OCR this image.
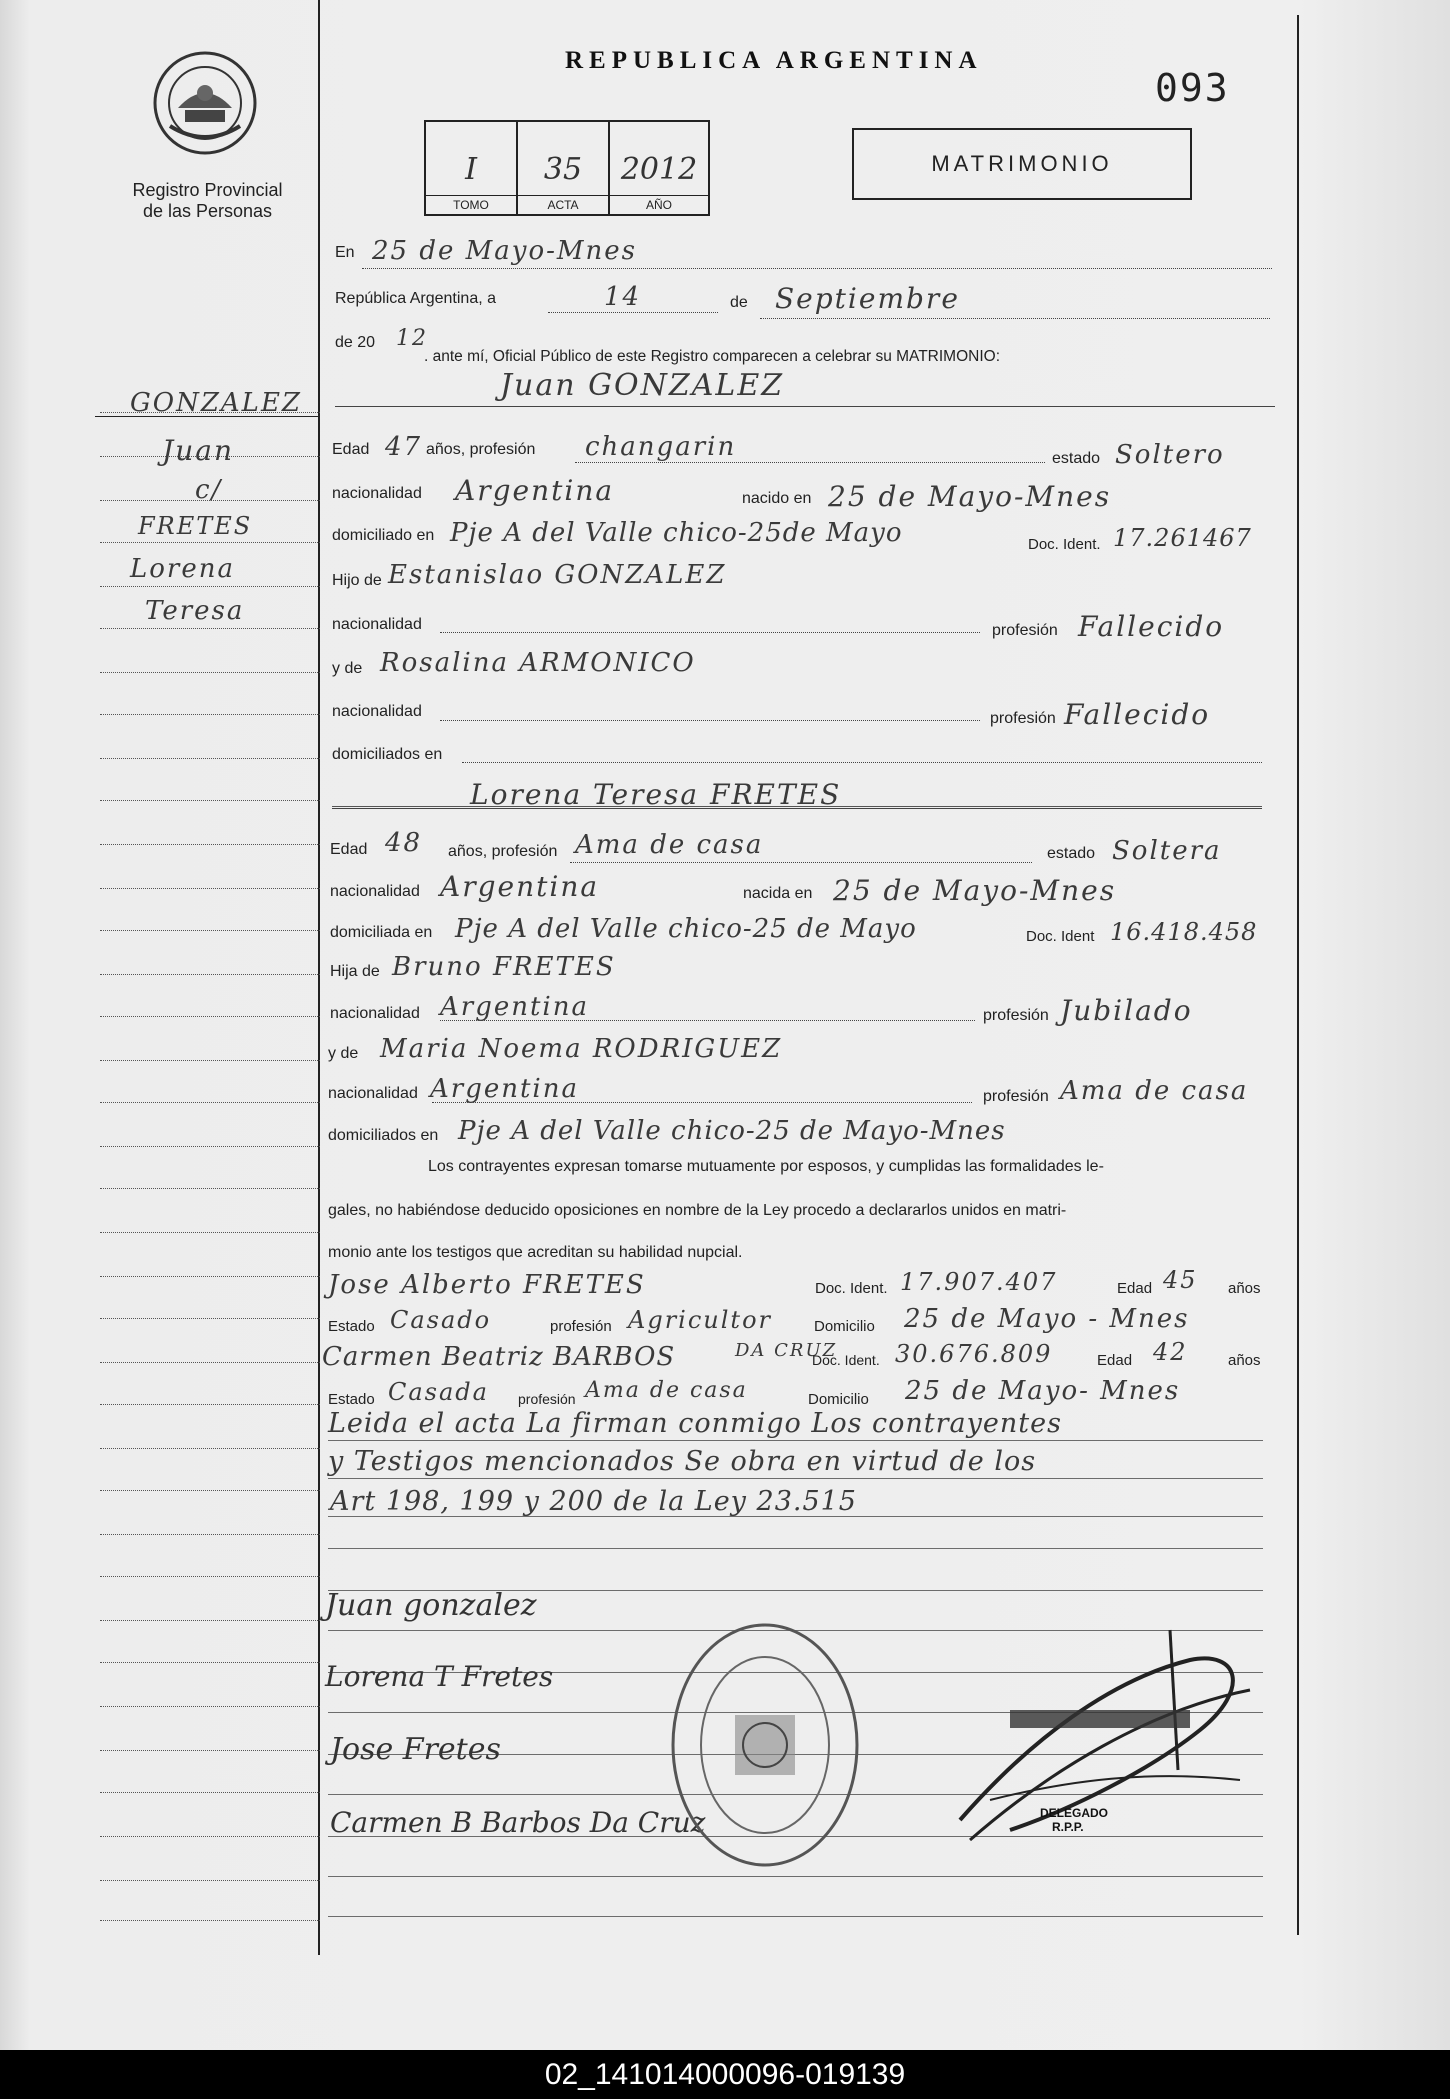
Registro Provincial
de las Personas
REPUBLICA ARGENTINA
093
I
TOMO
35
ACTA
2012
AÑO
MATRIMONIO
GONZALEZ
Juan
c/
FRETES
Lorena
Teresa
En 25 de Mayo-Mnes
República Argentina, a	14	de Septiembre
de 20 12
. ante mí, Oficial Público de este Registro comparecen a celebrar su MATRIMONIO:
Juan GONZALEZ
Edad 47 años, profesión changarin	estado Soltero
nacionalidad Argentina	nacido en 25 de Mayo-Mnes
domiciliado en Pje A del Valle chico-25de Mayo	Doc. Ident. 17.261467
Hijo de Estanislao GONZALEZ
nacionalidad	profesión Fallecido
y de Rosalina ARMONICO
nacionalidad	profesión Fallecido
domiciliados en
Lorena Teresa FRETES
Edad 48 años, profesión Ama de casa	estado Soltera
nacionalidad Argentina	nacida en 25 de Mayo-Mnes
domiciliada en Pje A del Valle chico-25 de Mayo	Doc. Ident 16.418.458
Hija de Bruno FRETES
nacionalidad Argentina	profesión Jubilado
y de Maria Noema RODRIGUEZ
nacionalidad Argentina	profesión Ama de casa
domiciliados en Pje A del Valle chico-25 de Mayo-Mnes
Los contrayentes expresan tomarse mutuamente por esposos, y cumplidas las formalidades le-
gales, no habiéndose deducido oposiciones en nombre de la Ley procedo a declararlos unidos en matri-
monio ante los testigos que acreditan su habilidad nupcial.
Jose Alberto FRETES	Doc. Ident. 17.907.407	Edad 45 años
Estado Casado	profesión Agricultor	Domicilio 25 de Mayo - Mnes
Carmen Beatriz BARBOS	DA CRUZ
Doc. Ident. 30.676.809	Edad 42	años
Estado Casada profesión Ama de casa	Domicilio 25 de Mayo- Mnes
Leida el acta La firman conmigo Los contrayentes
y Testigos mencionados Se obra en virtud de los
Art 198, 199 y 200 de la Ley 23.515
Juan gonzalez
Lorena T Fretes
Jose Fretes
Carmen B Barbos Da Cruz	DELEGADO
R.P.P.
02_141014000096-019139
